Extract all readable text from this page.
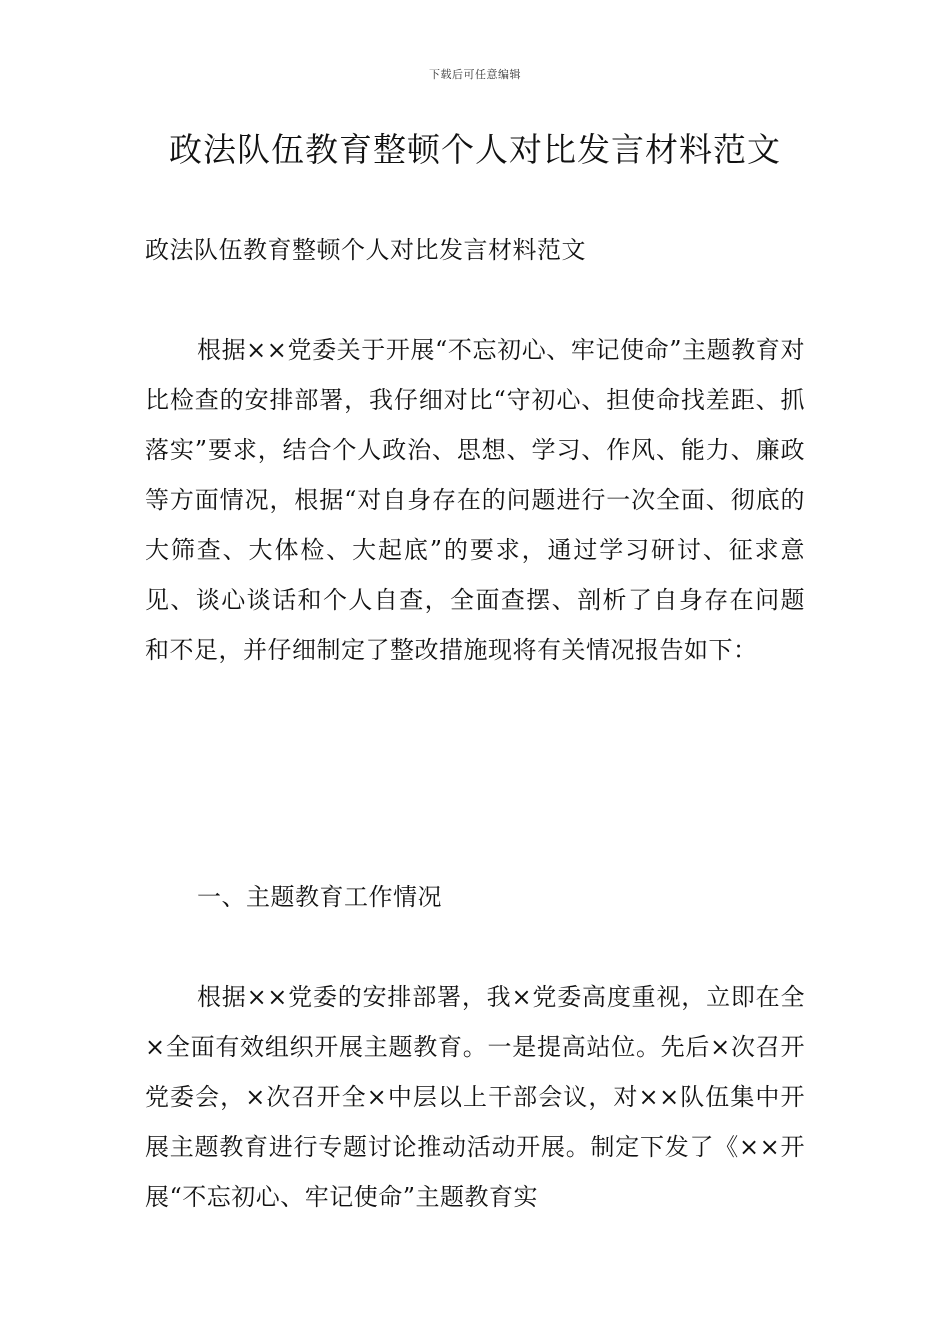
下载后可任意编辑
政法队伍教育整顿个人对比发言材料范文

政法队伍教育整顿个人对比发言材料范文

根据××党委关于开展“不忘初心、牢记使命”主题教育对比检查的安排部署，我仔细对比“守初心、担使命找差距、抓落实”要求，结合个人政治、思想、学习、作风、能力、廉政等方面情况，根据“对自身存在的问题进行一次全面、彻底的大筛查、大体检、大起底”的要求，通过学习研讨、征求意见、谈心谈话和个人自查，全面查摆、剖析了自身存在问题和不足，并仔细制定了整改措施现将有关情况报告如下：

一、主题教育工作情况

根据××党委的安排部署，我×党委高度重视，立即在全×全面有效组织开展主题教育。一是提高站位。先后×次召开党委会，×次召开全×中层以上干部会议，对××队伍集中开展主题教育进行专题讨论推动活动开展。制定下发了《××开展“不忘初心、牢记使命”主题教育实
